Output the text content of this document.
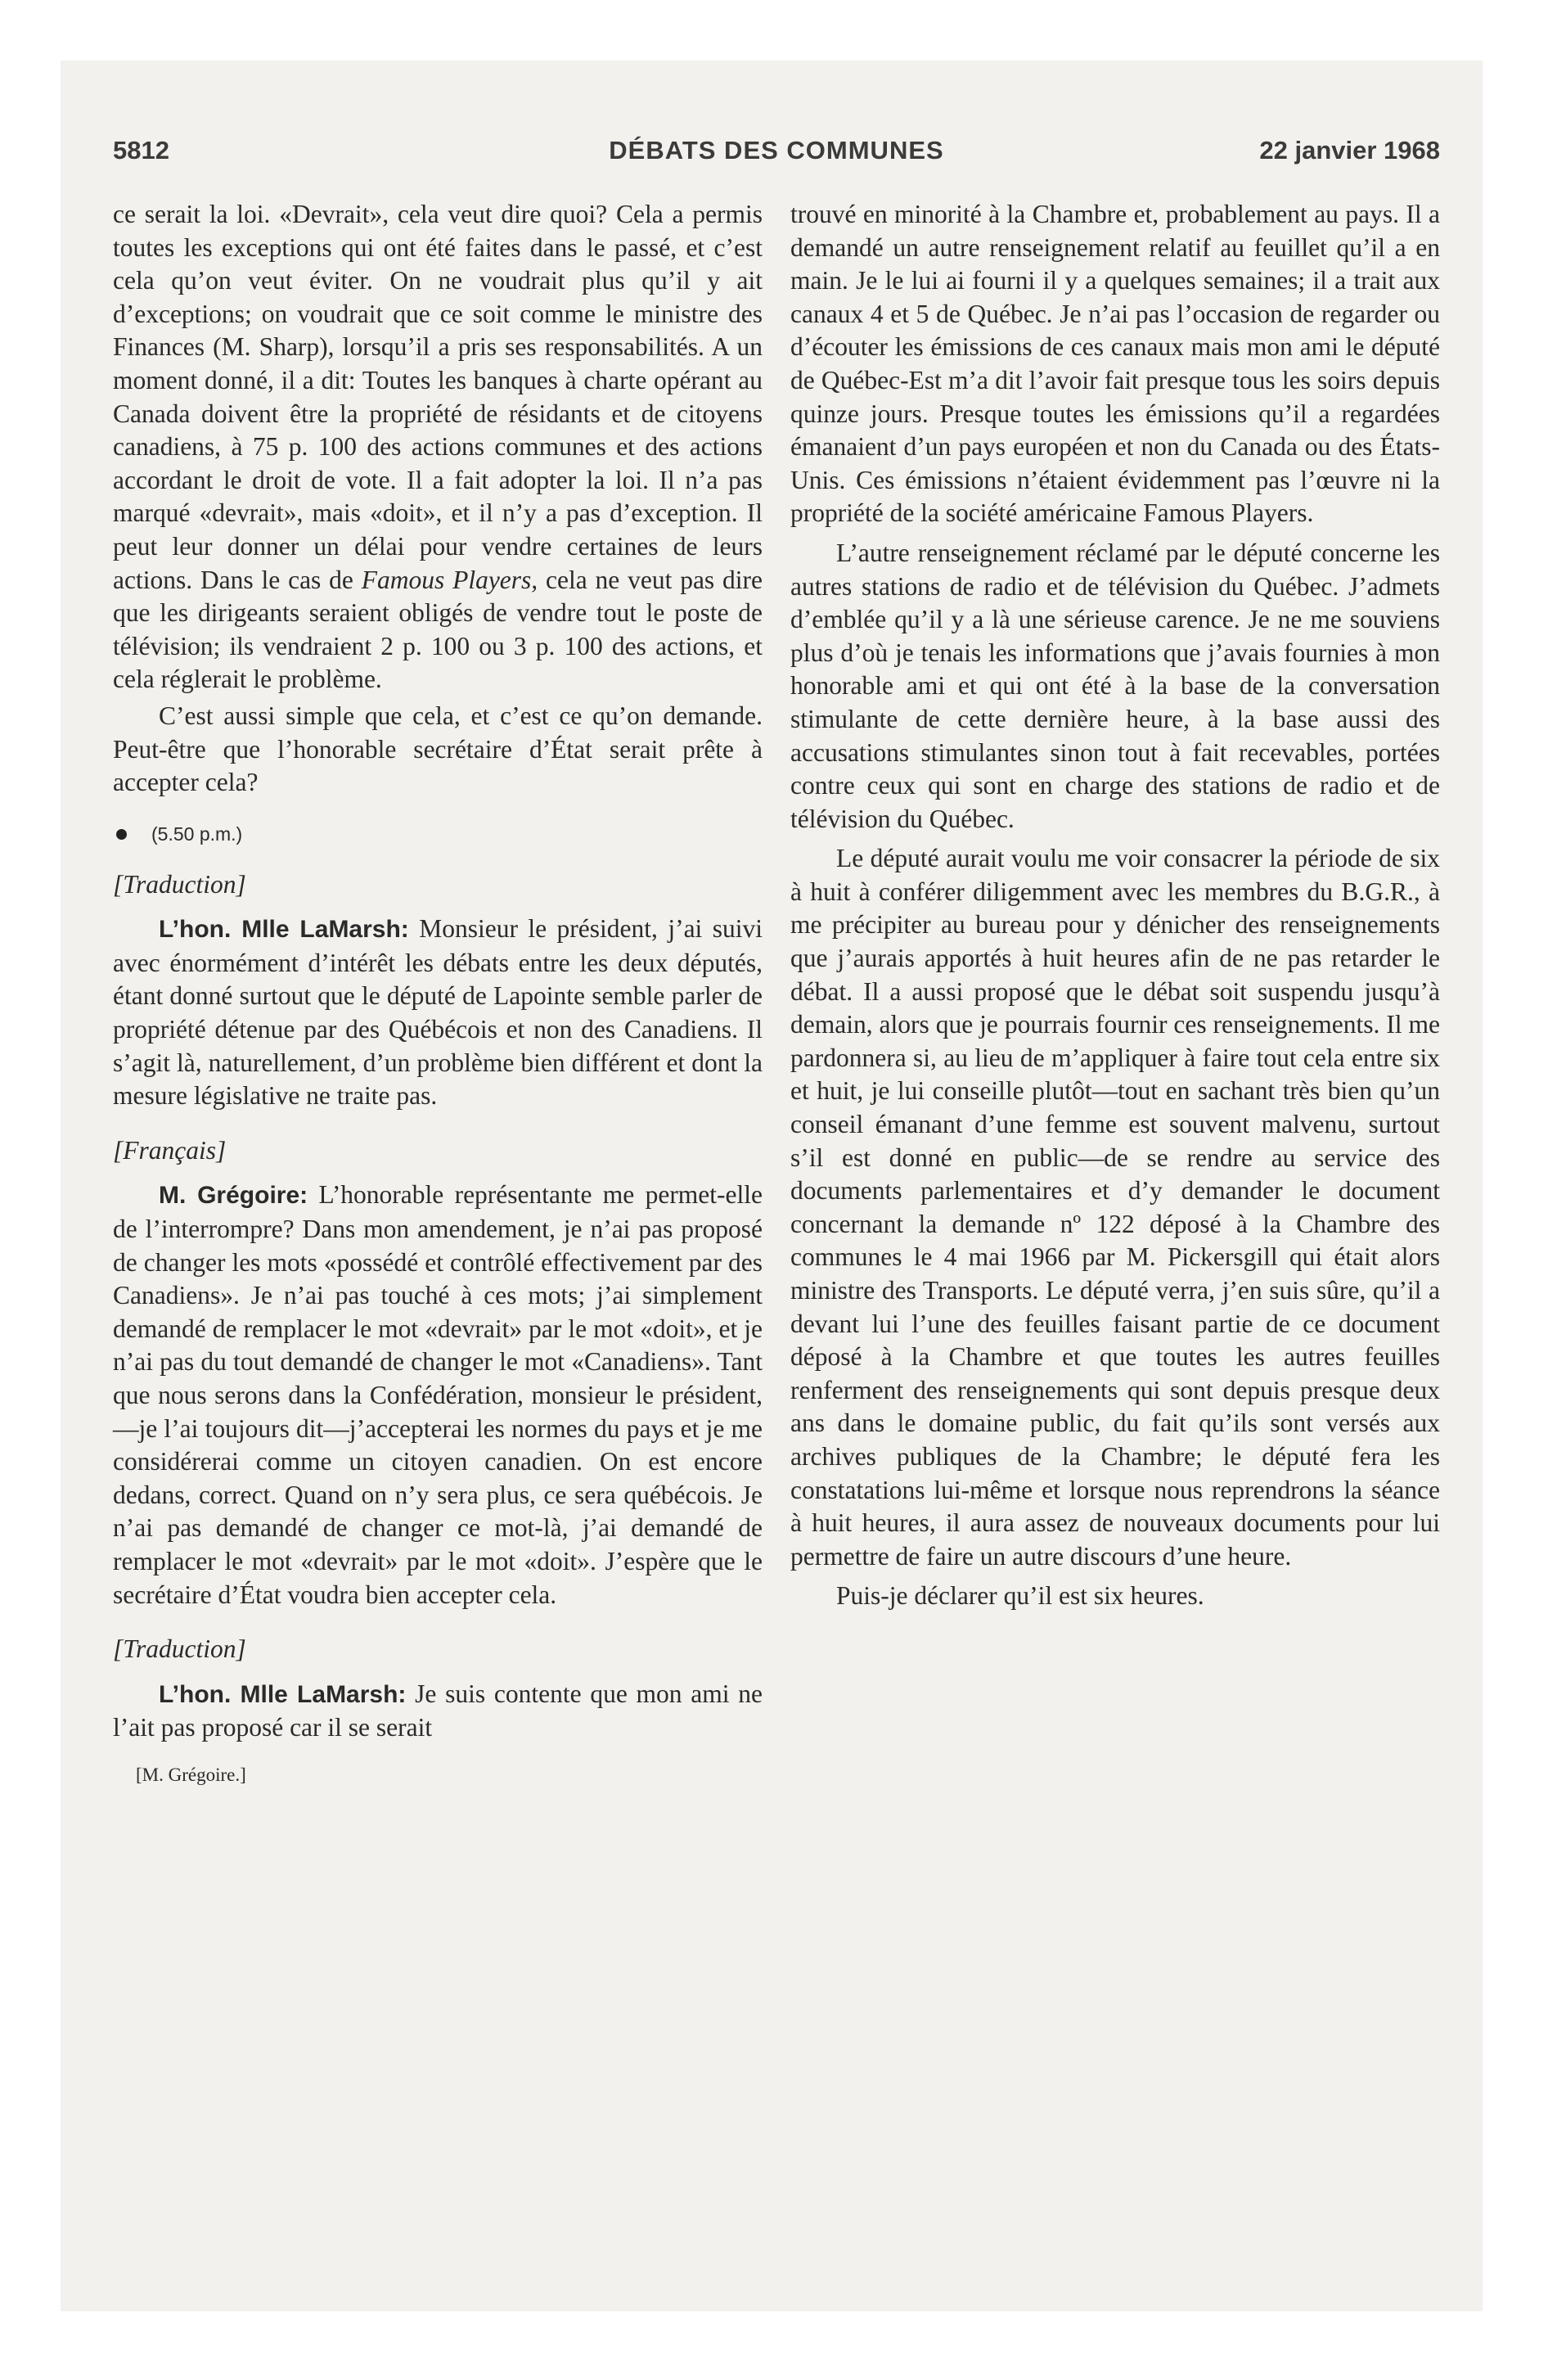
5812	DÉBATS DES COMMUNES	22 janvier 1968

ce serait la loi. «Devrait», cela veut dire quoi? Cela a permis toutes les exceptions qui ont été faites dans le passé, et c’est cela qu’on veut éviter. On ne voudrait plus qu’il y ait d’exceptions; on voudrait que ce soit comme le ministre des Finances (M. Sharp), lorsqu’il a pris ses responsabilités. A un moment donné, il a dit: Toutes les banques à charte opérant au Canada doivent être la propriété de résidants et de citoyens canadiens, à 75 p. 100 des actions communes et des actions accordant le droit de vote. Il a fait adopter la loi. Il n’a pas marqué «devrait», mais «doit», et il n’y a pas d’exception. Il peut leur donner un délai pour vendre certaines de leurs actions. Dans le cas de Famous Players, cela ne veut pas dire que les dirigeants seraient obligés de vendre tout le poste de télévision; ils vendraient 2 p. 100 ou 3 p. 100 des actions, et cela réglerait le problème.

C’est aussi simple que cela, et c’est ce qu’on demande. Peut-être que l’honorable secrétaire d’État serait prête à accepter cela?

(5.50 p.m.)
[Traduction]

L’hon. Mlle LaMarsh: Monsieur le président, j’ai suivi avec énormément d’intérêt les débats entre les deux députés, étant donné surtout que le député de Lapointe semble parler de propriété détenue par des Québécois et non des Canadiens. Il s’agit là, naturellement, d’un problème bien différent et dont la mesure législative ne traite pas.

[Français]

M. Grégoire: L’honorable représentante me permet-elle de l’interrompre? Dans mon amendement, je n’ai pas proposé de changer les mots «possédé et contrôlé effectivement par des Canadiens». Je n’ai pas touché à ces mots; j’ai simplement demandé de remplacer le mot «devrait» par le mot «doit», et je n’ai pas du tout demandé de changer le mot «Canadiens». Tant que nous serons dans la Confédération, monsieur le président,—je l’ai toujours dit—j’accepterai les normes du pays et je me considérerai comme un citoyen canadien. On est encore dedans, correct. Quand on n’y sera plus, ce sera québécois. Je n’ai pas demandé de changer ce mot-là, j’ai demandé de remplacer le mot «devrait» par le mot «doit». J’espère que le secrétaire d’État voudra bien accepter cela.

[Traduction]

L’hon. Mlle LaMarsh: Je suis contente que mon ami ne l’ait pas proposé car il se serait

[M. Grégoire.]

trouvé en minorité à la Chambre et, probablement au pays. Il a demandé un autre renseignement relatif au feuillet qu’il a en main. Je le lui ai fourni il y a quelques semaines; il a trait aux canaux 4 et 5 de Québec. Je n’ai pas l’occasion de regarder ou d’écouter les émissions de ces canaux mais mon ami le député de Québec-Est m’a dit l’avoir fait presque tous les soirs depuis quinze jours. Presque toutes les émissions qu’il a regardées émanaient d’un pays européen et non du Canada ou des États-Unis. Ces émissions n’étaient évidemment pas l’œuvre ni la propriété de la société américaine Famous Players.

L’autre renseignement réclamé par le député concerne les autres stations de radio et de télévision du Québec. J’admets d’emblée qu’il y a là une sérieuse carence. Je ne me souviens plus d’où je tenais les informations que j’avais fournies à mon honorable ami et qui ont été à la base de la conversation stimulante de cette dernière heure, à la base aussi des accusations stimulantes sinon tout à fait recevables, portées contre ceux qui sont en charge des stations de radio et de télévision du Québec.

Le député aurait voulu me voir consacrer la période de six à huit à conférer diligemment avec les membres du B.G.R., à me précipiter au bureau pour y dénicher des renseignements que j’aurais apportés à huit heures afin de ne pas retarder le débat. Il a aussi proposé que le débat soit suspendu jusqu’à demain, alors que je pourrais fournir ces renseignements. Il me pardonnera si, au lieu de m’appliquer à faire tout cela entre six et huit, je lui conseille plutôt—tout en sachant très bien qu’un conseil émanant d’une femme est souvent malvenu, surtout s’il est donné en public—de se rendre au service des documents parlementaires et d’y demander le document concernant la demande nº 122 déposé à la Chambre des communes le 4 mai 1966 par M. Pickersgill qui était alors ministre des Transports. Le député verra, j’en suis sûre, qu’il a devant lui l’une des feuilles faisant partie de ce document déposé à la Chambre et que toutes les autres feuilles renferment des renseignements qui sont depuis presque deux ans dans le domaine public, du fait qu’ils sont versés aux archives publiques de la Chambre; le député fera les constatations lui-même et lorsque nous reprendrons la séance à huit heures, il aura assez de nouveaux documents pour lui permettre de faire un autre discours d’une heure.

Puis-je déclarer qu’il est six heures.
